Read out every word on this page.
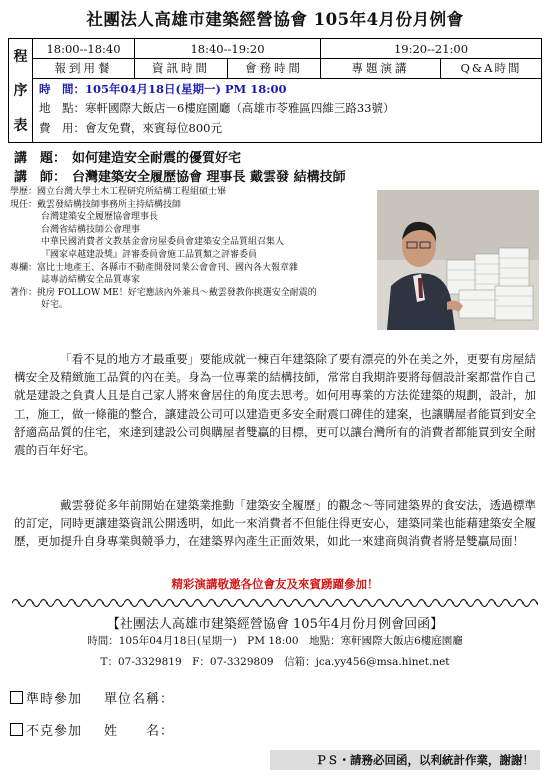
社團法人高雄市建築經營協會 105年4月份月例會
程
序
表
18:00--18:40	18:40--19:20	19:20--21:00
報到用餐	資訊時間	會務時間	專題演講	Q&A時間
時　間：105年04月18日(星期一) PM 18:00
地　點：寒軒國際大飯店－6樓庭園廳（高雄市苓雅區四維三路33號）
費　用：會友免費，來賓每位800元
講　題： 如何建造安全耐震的優質好宅
講　師： 台灣建築安全履歷協會 理事長 戴雲發 結構技師
學歷：國立台灣大學土木工程研究所結構工程組碩士畢
現任：戴雲發結構技師事務所主持結構技師
台灣建築安全履歷協會理事長
台灣省結構技師公會理事
中華民國消費者文教基金會房屋委員會建築安全品質組召集人
『國家卓越建設獎』評審委員會施工品質類之評審委員
專欄：富比士地產王、各縣市不動產開發同業公會會刊、國內各大報章雜
誌專訪結構安全品質專家
著作：挑房 FOLLOW ME！好宅應該內外兼具～戴雲發教你挑選安全耐震的
好宅。
「看不見的地方才最重要」要能成就一棟百年建築除了要有漂亮的外在美之外，更要有房屋結構安全及精緻施工品質的內在美。身為一位專業的結構技師，常常自我期許要將每個設計案都當作自己就是建設之負責人且是自己家人將來會居住的角度去思考。如何用專業的方法從建築的規劃，設計，加工，施工，做一條龍的整合，讓建設公司可以建造更多安全耐震口碑佳的建案，也讓購屋者能買到安全舒適高品質的住宅，來達到建設公司與購屋者雙贏的目標，更可以讓台灣所有的消費者都能買到安全耐震的百年好宅。
戴雲發從多年前開始在建築業推動「建築安全履歷」的觀念～等同建築界的食安法，透過標準的訂定，同時更讓建築資訊公開透明，如此一來消費者不但能住得更安心，建築同業也能藉建築安全履歷，更加提升自身專業與競爭力，在建築界內產生正面效果，如此一來建商與消費者將是雙贏局面！
精彩演講敬邀各位會友及來賓踴躍參加！
【社團法人高雄市建築經營協會 105年4月份月例會回函】
時間：105年04月18日(星期一)　PM 18:00　地點：寒軒國際大飯店6樓庭園廳
T：07-3329819　F：07-3329809　信箱：jca.yy456@msa.hinet.net
準時參加 單位名稱：
不克參加 姓　　名：
ＰＳ・請務必回函，以利統計作業，謝謝！
